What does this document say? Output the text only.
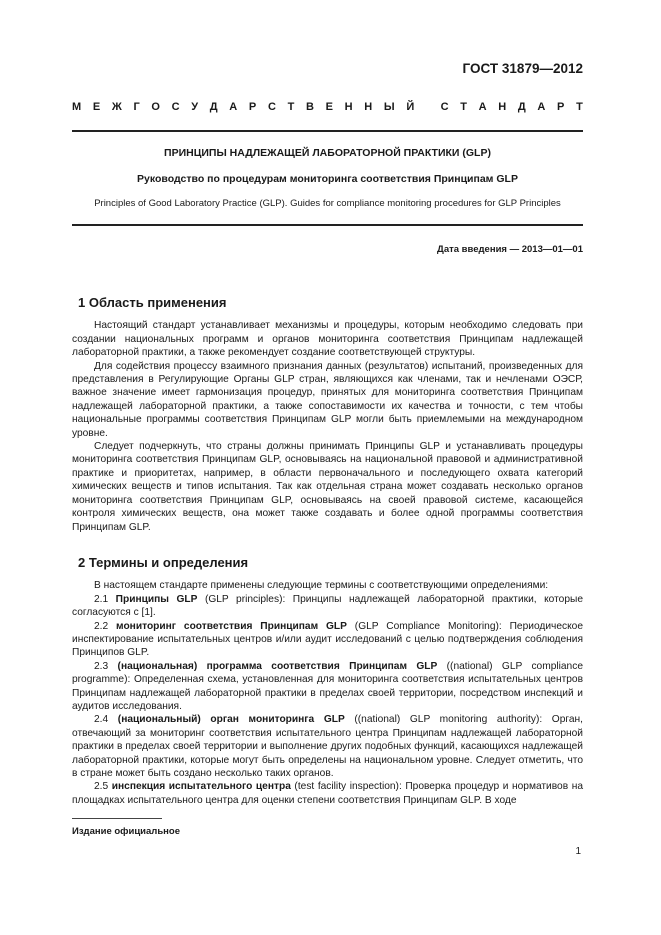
ГОСТ 31879—2012
М Е Ж Г О С У Д А Р С Т В Е Н Н Ы Й
С Т А Н Д А Р Т
ПРИНЦИПЫ НАДЛЕЖАЩЕЙ ЛАБОРАТОРНОЙ ПРАКТИКИ (GLP)
Руководство по процедурам мониторинга соответствия Принципам GLP
Principles of Good Laboratory Practice (GLP). Guides for compliance monitoring procedures for GLP Principles
Дата введения — 2013—01—01
1 Область применения

Настоящий стандарт устанавливает механизмы и процедуры, которым необходимо следовать при создании национальных программ и органов мониторинга соответствия Принципам надлежащей лабораторной практики, а также рекомендует создание соответствующей структуры.

Для содействия процессу взаимного признания данных (результатов) испытаний, произведенных для представления в Регулирующие Органы GLP стран, являющихся как членами, так и нечленами ОЭСР, важное значение имеет гармонизация процедур, принятых для мониторинга соответствия Принципам надлежащей лабораторной практики, а также сопоставимости их качества и точности, с тем чтобы национальные программы соответствия Принципам GLP могли быть приемлемыми на международном уровне.

Следует подчеркнуть, что страны должны принимать Принципы GLP и устанавливать процедуры мониторинга соответствия Принципам GLP, основываясь на национальной правовой и административной практике и приоритетах, например, в области первоначального и последующего охвата категорий химических веществ и типов испытания. Так как отдельная страна может создавать несколько органов мониторинга соответствия Принципам GLP, основываясь на своей правовой системе, касающейся контроля химических веществ, она может также создавать и более одной программы соответствия Принципам GLP.

2 Термины и определения

В настоящем стандарте применены следующие термины с соответствующими определениями:

2.1 Принципы GLP (GLP principles): Принципы надлежащей лабораторной практики, которые согласуются с [1].

2.2 мониторинг соответствия Принципам GLP (GLP Compliance Monitoring): Периодическое инспектирование испытательных центров и/или аудит исследований с целью подтверждения соблюдения Принципов GLP.

2.3 (национальная) программа соответствия Принципам GLP ((national) GLP compliance programme): Определенная схема, установленная для мониторинга соответствия испытательных центров Принципам надлежащей лабораторной практики в пределах своей территории, посредством инспекций и аудитов исследования.

2.4 (национальный) орган мониторинга GLP ((national) GLP monitoring authority): Орган, отвечающий за мониторинг соответствия испытательного центра Принципам надлежащей лабораторной практики в пределах своей территории и выполнение других подобных функций, касающихся надлежащей лабораторной практики, которые могут быть определены на национальном уровне. Следует отметить, что в стране может быть создано несколько таких органов.

2.5 инспекция испытательного центра (test facility inspection): Проверка процедур и нормативов на площадках испытательного центра для оценки степени соответствия Принципам GLP. В ходе

Издание официальное
1
